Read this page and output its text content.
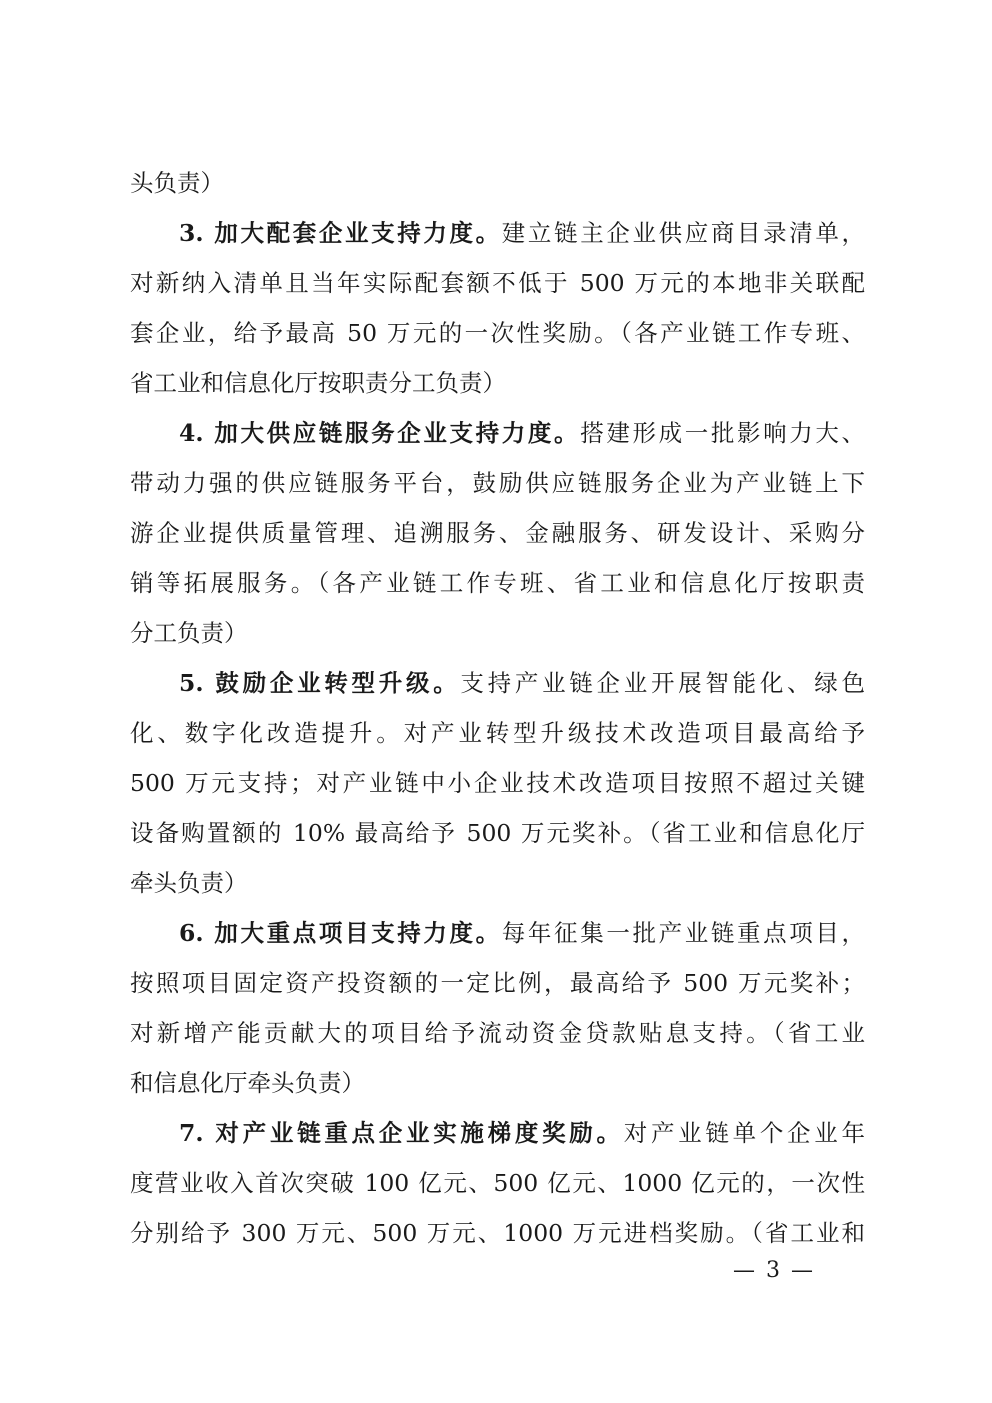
头负责）
3. 加大配套企业支持力度。建立链主企业供应商目录清单，
对新纳入清单且当年实际配套额不低于 500 万元的本地非关联配
套企业，给予最高 50 万元的一次性奖励。（各产业链工作专班、
省工业和信息化厅按职责分工负责）
4. 加大供应链服务企业支持力度。搭建形成一批影响力大、
带动力强的供应链服务平台，鼓励供应链服务企业为产业链上下
游企业提供质量管理、追溯服务、金融服务、研发设计、采购分
销等拓展服务。（各产业链工作专班、省工业和信息化厅按职责
分工负责）
5. 鼓励企业转型升级。支持产业链企业开展智能化、绿色
化、数字化改造提升。对产业转型升级技术改造项目最高给予
500 万元支持；对产业链中小企业技术改造项目按照不超过关键
设备购置额的 10% 最高给予 500 万元奖补。（省工业和信息化厅
牵头负责）
6. 加大重点项目支持力度。每年征集一批产业链重点项目，
按照项目固定资产投资额的一定比例，最高给予 500 万元奖补；
对新增产能贡献大的项目给予流动资金贷款贴息支持。（省工业
和信息化厅牵头负责）
7. 对产业链重点企业实施梯度奖励。对产业链单个企业年
度营业收入首次突破 100 亿元、500 亿元、1000 亿元的，一次性
分别给予 300 万元、500 万元、1000 万元进档奖励。（省工业和
— 3 —
